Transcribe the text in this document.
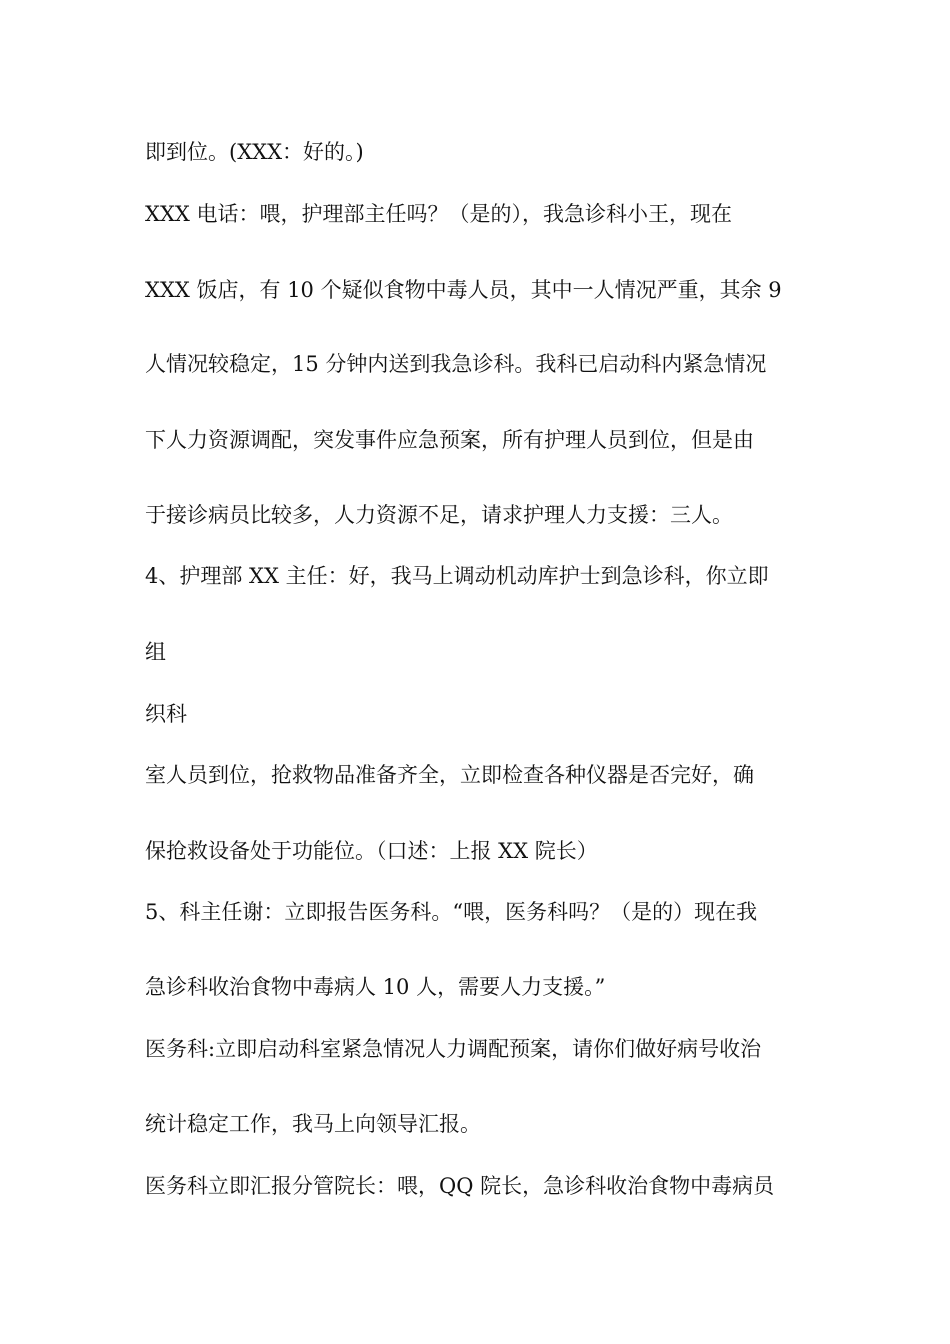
即到位。(XXX：好的。)
XXX 电话：喂，护理部主任吗？（是的），我急诊科小王，现在
XXX 饭店，有 10 个疑似食物中毒人员，其中一人情况严重，其余 9
人情况较稳定，15 分钟内送到我急诊科。我科已启动科内紧急情况
下人力资源调配，突发事件应急预案，所有护理人员到位，但是由
于接诊病员比较多，人力资源不足，请求护理人力支援：三人。
4、护理部 XX 主任：好，我马上调动机动库护士到急诊科，你立即
组
织科
室人员到位，抢救物品准备齐全，立即检查各种仪器是否完好，确
保抢救设备处于功能位。（口述：上报 XX 院长）
5、科主任谢：立即报告医务科。“喂，医务科吗？（是的）现在我
急诊科收治食物中毒病人 10 人，需要人力支援。”
医务科:立即启动科室紧急情况人力调配预案，请你们做好病号收治
统计稳定工作，我马上向领导汇报。
医务科立即汇报分管院长：喂，QQ 院长，急诊科收治食物中毒病员
